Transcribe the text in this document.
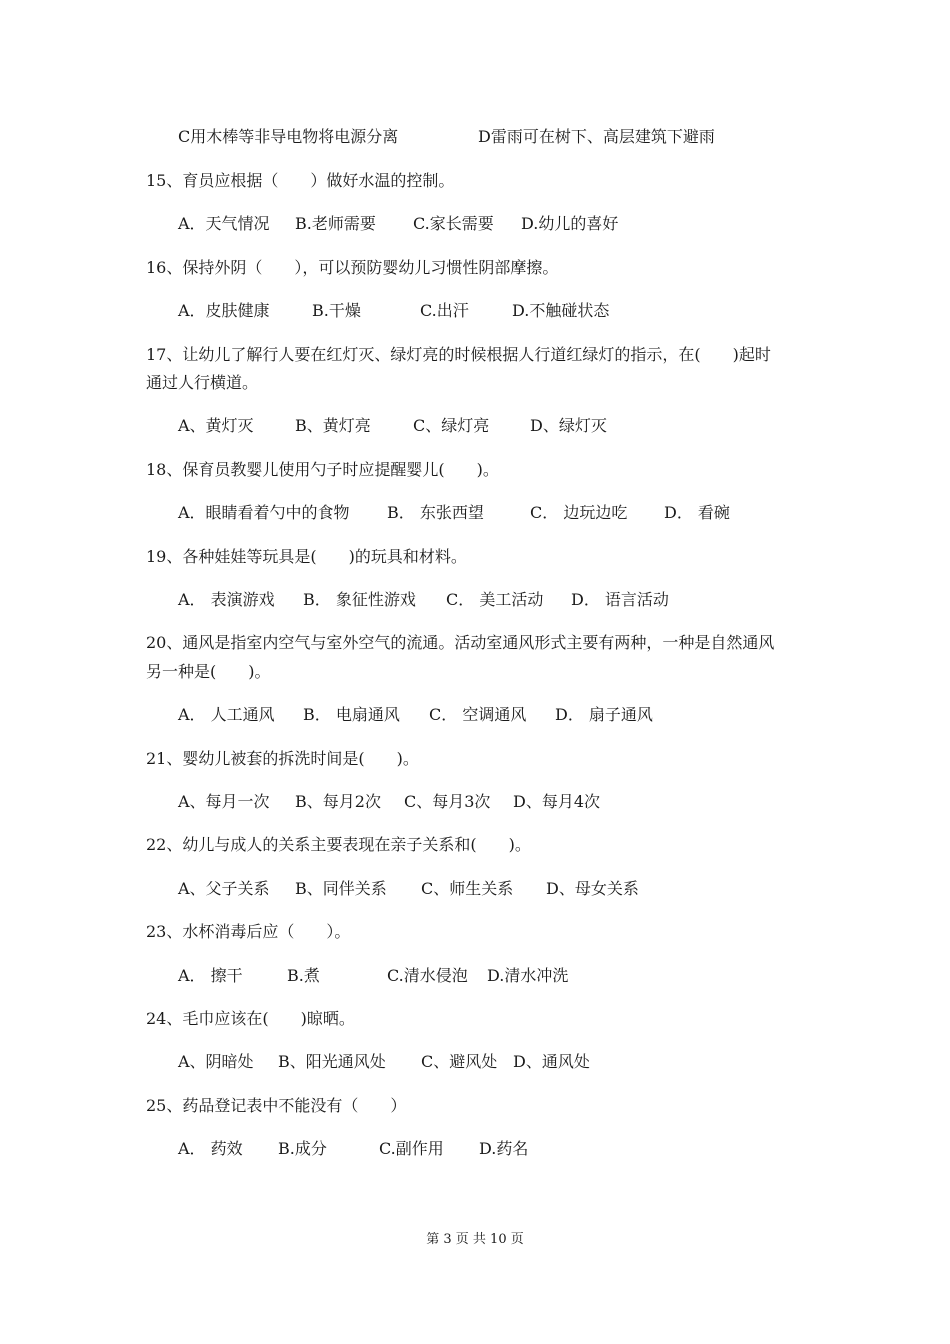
C用木棒等非导电物将电源分离	D雷雨可在树下、高层建筑下避雨
15、育员应根据（　　）做好水温的控制。
A．天气情况 B.老师需要 C.家长需要 D.幼儿的喜好
16、保持外阴（　　），可以预防婴幼儿习惯性阴部摩擦。
A．皮肤健康	B.干燥	C.出汗	D.不触碰状态
17、让幼儿了解行人要在红灯灭、绿灯亮的时候根据人行道红绿灯的指示，在(　　)起时
通过人行横道。
A、黄灯灭	B、黄灯亮	C、绿灯亮	D、绿灯灭
18、保育员教婴儿使用勺子时应提醒婴儿(　　)。
A．眼睛看着勺中的食物 B． 东张西望	C． 边玩边吃 D． 看碗
19、各种娃娃等玩具是(　　)的玩具和材料。
A． 表演游戏 B． 象征性游戏 C． 美工活动 D． 语言活动
20、通风是指室内空气与室外空气的流通。活动室通风形式主要有两种，一种是自然通风
另一种是(　　)。
A． 人工通风 B． 电扇通风 C． 空调通风 D． 扇子通风
21、婴幼儿被套的拆洗时间是(　　)。
A、每月一次 B、每月2次 C、每月3次 D、每月4次
22、幼儿与成人的关系主要表现在亲子关系和(　　)。
A、父子关系 B、同伴关系 C、师生关系 D、母女关系
23、水杯消毒后应（　　）。
A． 擦干	B.煮	C.清水侵泡 D.清水冲洗
24、毛巾应该在(　　)晾晒。
A、阴暗处 B、阳光通风处 C、避风处 D、通风处
25、药品登记表中不能没有（　　）
A． 药效 B.成分	C.副作用 D.药名
第 3 页 共 10 页
